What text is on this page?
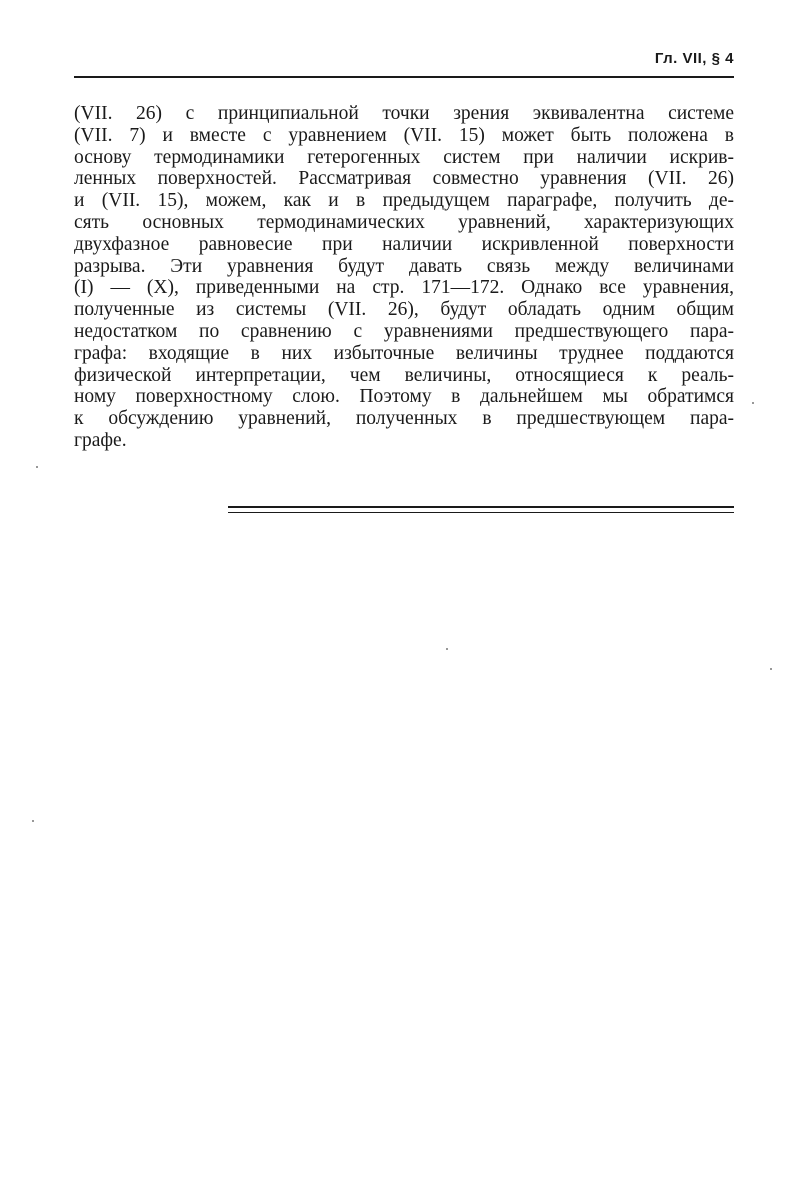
Гл. VII, § 4
(VII. 26) с принципиальной точки зрения эквивалентна системе
(VII. 7) и вместе с уравнением (VII. 15) может быть положена в
основу термодинамики гетерогенных систем при наличии искрив-
ленных поверхностей. Рассматривая совместно уравнения (VII. 26)
и (VII. 15), можем, как и в предыдущем параграфе, получить де-
сять основных термодинамических уравнений, характеризующих
двухфазное равновесие при наличии искривленной поверхности
разрыва. Эти уравнения будут давать связь между величинами
(I) — (X), приведенными на стр. 171—172. Однако все уравнения,
полученные из системы (VII. 26), будут обладать одним общим
недостатком по сравнению с уравнениями предшествующего пара-
графа: входящие в них избыточные величины труднее поддаются
физической интерпретации, чем величины, относящиеся к реаль-
ному поверхностному слою. Поэтому в дальнейшем мы обратимся
к обсуждению уравнений, полученных в предшествующем пара-
графе.
